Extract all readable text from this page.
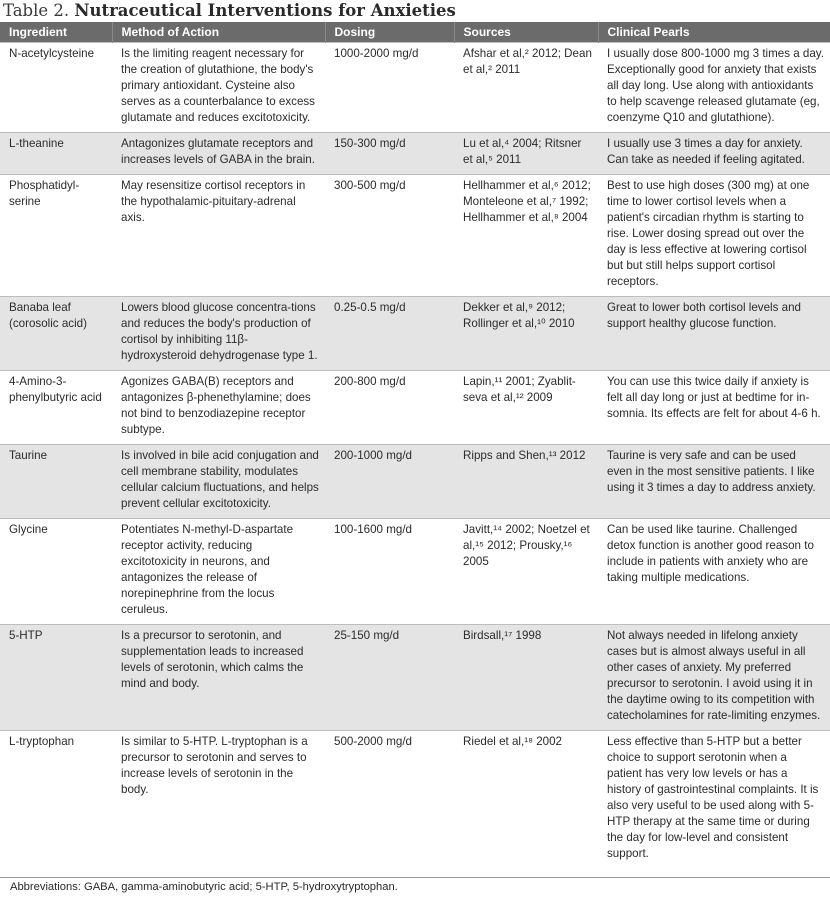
Table 2. Nutraceutical Interventions for Anxieties
Ingredient	Method of Action	Dosing	Sources	Clinical Pearls
N-acetylcysteine	Is the limiting reagent necessary for the creation of glutathione, the body's primary antioxidant. Cysteine also serves as a counterbalance to excess glutamate and reduces excitotoxicity.	1000-2000 mg/d	Afshar et al,² 2012; Dean et al,² 2011	I usually dose 800-1000 mg 3 times a day. Exceptionally good for anxiety that exists all day long. Use along with antioxidants to help scavenge released glutamate (eg, coenzyme Q10 and glutathione).
L-theanine	Antagonizes glutamate receptors and increases levels of GABA in the brain.	150-300 mg/d	Lu et al,⁴ 2004; Ritsner et al,⁵ 2011	I usually use 3 times a day for anxiety. Can take as needed if feeling agitated.
Phosphatidyl-serine	May resensitize cortisol receptors in the hypothalamic-pituitary-adrenal axis.	300-500 mg/d	Hellhammer et al,⁶ 2012; Monteleone et al,⁷ 1992; Hellhammer et al,⁸ 2004	Best to use high doses (300 mg) at one time to lower cortisol levels when a patient's circadian rhythm is starting to rise. Lower dosing spread out over the day is less effective at lowering cortisol but but still helps support cortisol receptors.
Banaba leaf (corosolic acid)	Lowers blood glucose concentra-tions and reduces the body's production of cortisol by inhibiting 11β-hydroxysteroid dehydrogenase type 1.	0.25-0.5 mg/d	Dekker et al,⁹ 2012; Rollinger et al,¹⁰ 2010	Great to lower both cortisol levels and support healthy glucose function.
4-Amino-3-phenylbutyric acid	Agonizes GABA(B) receptors and antagonizes β-phenethylamine; does not bind to benzodiazepine receptor subtype.	200-800 mg/d	Lapin,¹¹ 2001; Zyablit-seva et al,¹² 2009	You can use this twice daily if anxiety is felt all day long or just at bedtime for in-somnia. Its effects are felt for about 4-6 h.
Taurine	Is involved in bile acid conjugation and cell membrane stability, modulates cellular calcium fluctuations, and helps prevent cellular excitotoxicity.	200-1000 mg/d	Ripps and Shen,¹³ 2012	Taurine is very safe and can be used even in the most sensitive patients. I like using it 3 times a day to address anxiety.
Glycine	Potentiates N-methyl-D-aspartate receptor activity, reducing excitotoxicity in neurons, and antagonizes the release of norepinephrine from the locus ceruleus.	100-1600 mg/d	Javitt,¹⁴ 2002; Noetzel et al,¹⁵ 2012; Prousky,¹⁶ 2005	Can be used like taurine. Challenged detox function is another good reason to include in patients with anxiety who are taking multiple medications.
5-HTP	Is a precursor to serotonin, and supplementation leads to increased levels of serotonin, which calms the mind and body.	25-150 mg/d	Birdsall,¹⁷ 1998	Not always needed in lifelong anxiety cases but is almost always useful in all other cases of anxiety. My preferred precursor to serotonin. I avoid using it in the daytime owing to its competition with catecholamines for rate-limiting enzymes.
L-tryptophan	Is similar to 5-HTP. L-tryptophan is a precursor to serotonin and serves to increase levels of serotonin in the body.	500-2000 mg/d	Riedel et al,¹⁸ 2002	Less effective than 5-HTP but a better choice to support serotonin when a patient has very low levels or has a history of gastrointestinal complaints. It is also very useful to be used along with 5-HTP therapy at the same time or during the day for low-level and consistent support.
Abbreviations: GABA, gamma-aminobutyric acid; 5-HTP, 5-hydroxytryptophan.
